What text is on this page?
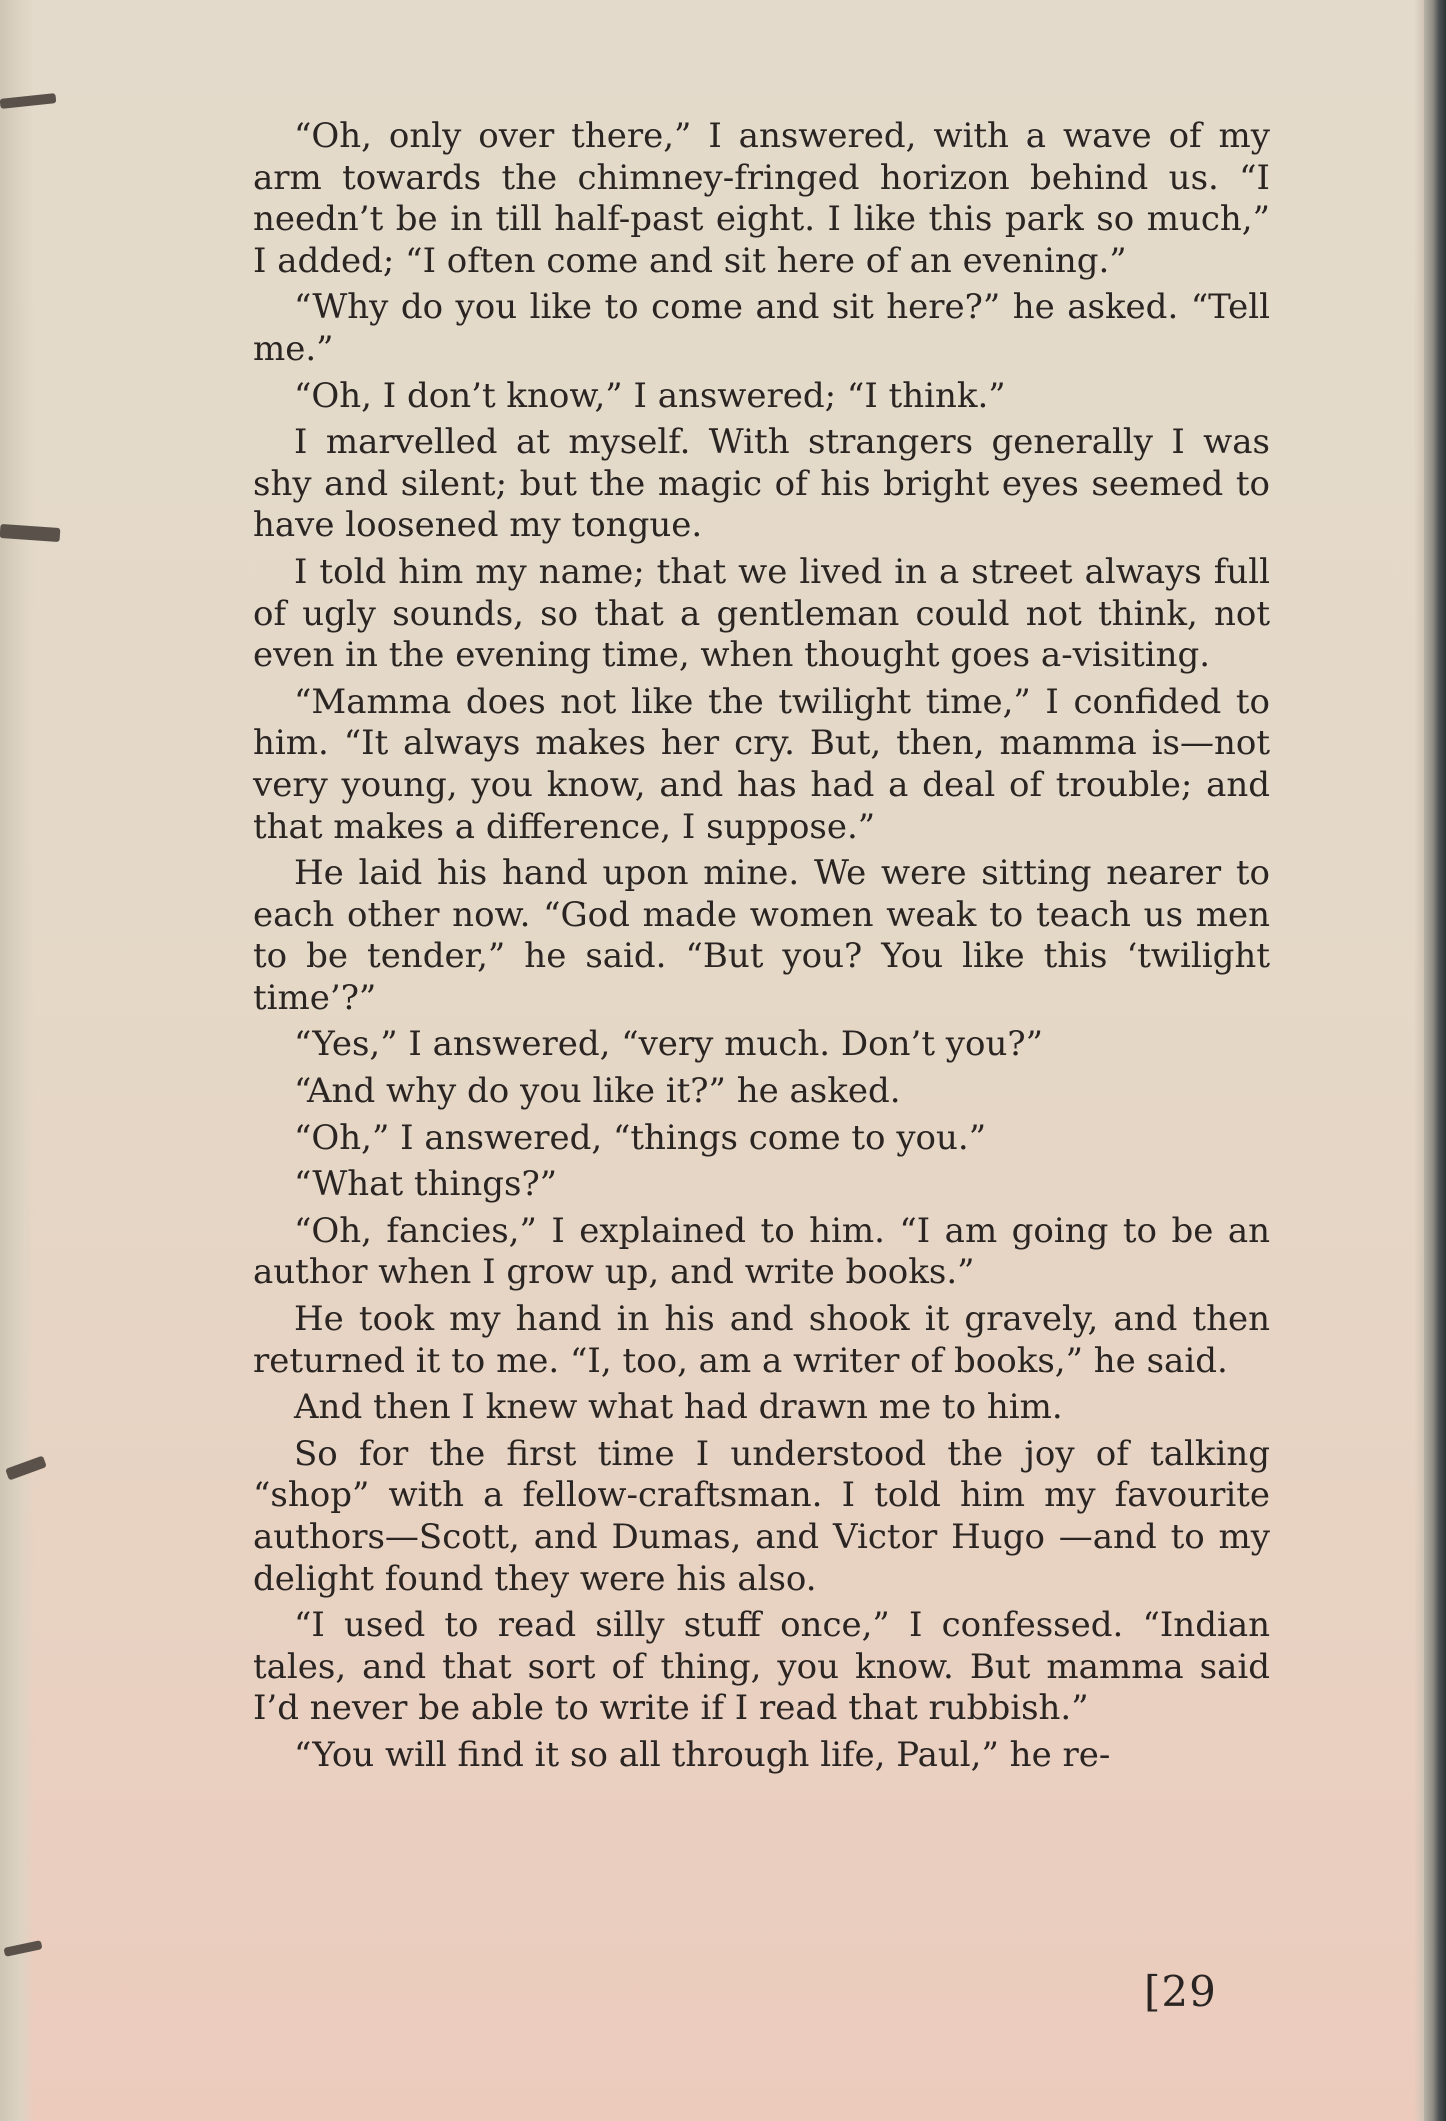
“Oh, only over there,” I answered, with a wave of my arm towards the chimney-fringed horizon behind us. “I needn’t be in till half-past eight. I like this park so much,” I added; “I often come and sit here of an evening.”

“Why do you like to come and sit here?” he asked. “Tell me.”

“Oh, I don’t know,” I answered; “I think.”

I marvelled at myself. With strangers generally I was shy and silent; but the magic of his bright eyes seemed to have loosened my tongue.

I told him my name; that we lived in a street always full of ugly sounds, so that a gentleman could not think, not even in the evening time, when thought goes a-visiting.

“Mamma does not like the twilight time,” I confided to him. “It always makes her cry. But, then, mamma is—not very young, you know, and has had a deal of trouble; and that makes a difference, I suppose.”

He laid his hand upon mine. We were sitting nearer to each other now. “God made women weak to teach us men to be tender,” he said. “But you? You like this ‘twilight time’?”

“Yes,” I answered, “very much. Don’t you?”

“And why do you like it?” he asked.

“Oh,” I answered, “things come to you.”

“What things?”

“Oh, fancies,” I explained to him. “I am going to be an author when I grow up, and write books.”

He took my hand in his and shook it gravely, and then returned it to me. “I, too, am a writer of books,” he said.

And then I knew what had drawn me to him.

So for the first time I understood the joy of talking “shop” with a fellow-craftsman. I told him my favourite authors—Scott, and Dumas, and Victor Hugo —and to my delight found they were his also.

“I used to read silly stuff once,” I confessed. “Indian tales, and that sort of thing, you know. But mamma said I’d never be able to write if I read that rubbish.”

“You will find it so all through life, Paul,” he re-

[29
